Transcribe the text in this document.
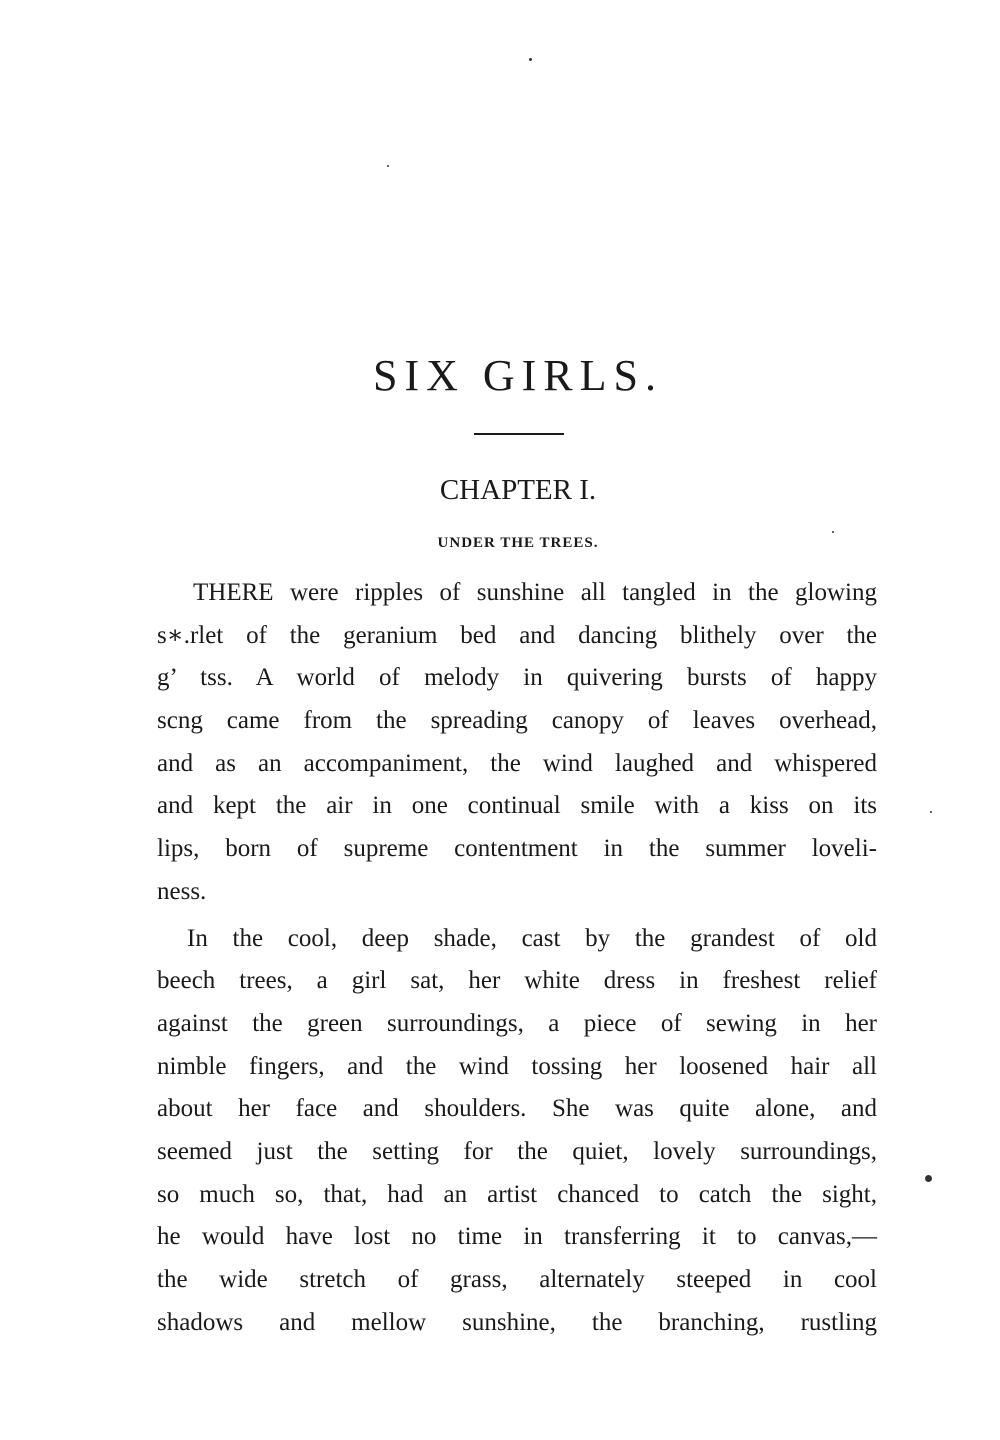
SIX GIRLS.
CHAPTER I.
UNDER THE TREES.
THERE were ripples of sunshine all tangled in the glowing
s∗.rlet of the geranium bed and dancing blithely over the
g’ tss. A world of melody in quivering bursts of happy
scng came from the spreading canopy of leaves overhead,
and as an accompaniment, the wind laughed and whispered
and kept the air in one continual smile with a kiss on its
lips, born of supreme contentment in the summer loveli-
ness.
In the cool, deep shade, cast by the grandest of old
beech trees, a girl sat, her white dress in freshest relief
against the green surroundings, a piece of sewing in her
nimble fingers, and the wind tossing her loosened hair all
about her face and shoulders. She was quite alone, and
seemed just the setting for the quiet, lovely surroundings,
so much so, that, had an artist chanced to catch the sight,
he would have lost no time in transferring it to canvas,—
the wide stretch of grass, alternately steeped in cool
shadows and mellow sunshine, the branching, rustling
